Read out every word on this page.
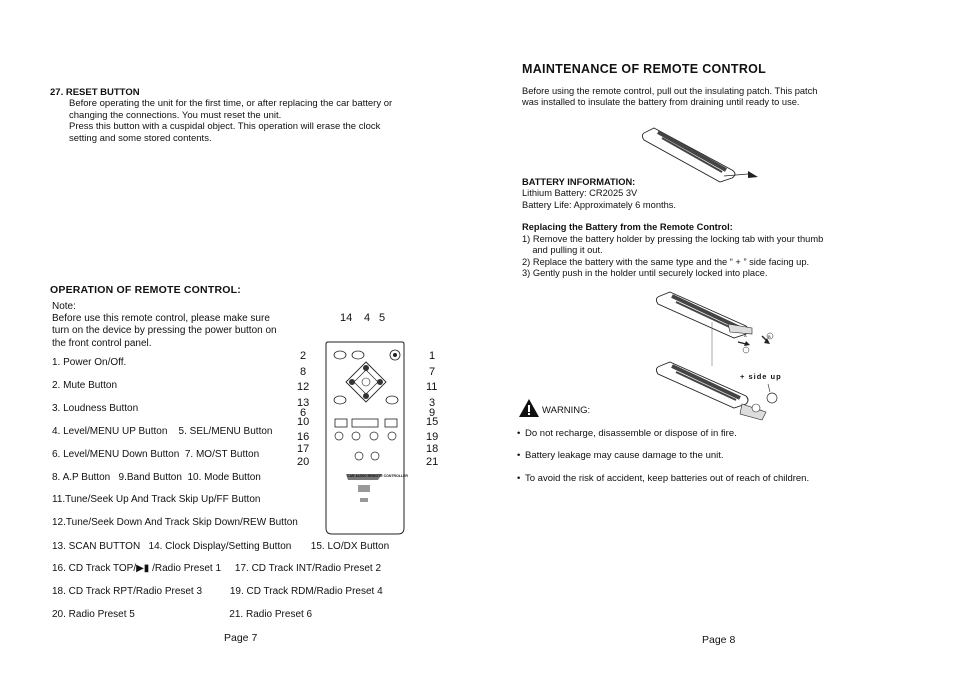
27. RESET BUTTON
Before operating the unit for the first time, or after replacing the car battery or
changing the connections. You must reset the unit.
Press this button with a cuspidal object. This operation will erase the clock
setting and some stored contents.
OPERATION OF REMOTE CONTROL:
Note:
Before use this remote control, please make sure
turn on the device by pressing the power button on
the front control panel.
1. Power On/Off.
2. Mute Button
3. Loudness Button
4. Level/MENU UP Button    5. SEL/MENU Button
6. Level/MENU Down Button  7. MO/ST Button
8. A.P Button   9.Band Button  10. Mode Button
11.Tune/Seek Up And Track Skip Up/FF Button
12.Tune/Seek Down And Track Skip Down/REW Button
13. SCAN BUTTON   14. Clock Display/Setting Button       15. LO/DX Button
16. CD Track TOP/▶▮ /Radio Preset 1     17. CD Track INT/Radio Preset 2
18. CD Track RPT/Radio Preset 3          19. CD Track RDM/Radio Preset 4
20. Radio Preset 5                                  21. Radio Preset 6
CAR AUDIO REMOTE CONTROLLER
14 4 5
2
8
12
13
6
10
16
17
20
1
7
11
3
9
15
19
18
21
Page 7
MAINTENANCE OF REMOTE CONTROL
Before using the remote control, pull out the insulating patch. This patch
was installed to insulate the battery from draining until ready to use.
BATTERY INFORMATION:
Lithium Battery: CR2025 3V
Battery Life: Approximately 6 months.
Replacing the Battery from the Remote Control:
1) Remove the battery holder by pressing the locking tab with your thumb
and pulling it out.
2) Replace the battery with the same type and the “ + ” side facing up.
3) Gently push in the holder until securely locked into place.
A	B
+ side up
WARNING:
• Do not recharge, disassemble or dispose of in fire.
• Battery leakage may cause damage to the unit.
• To avoid the risk of accident, keep batteries out of reach of children.
Page 8
